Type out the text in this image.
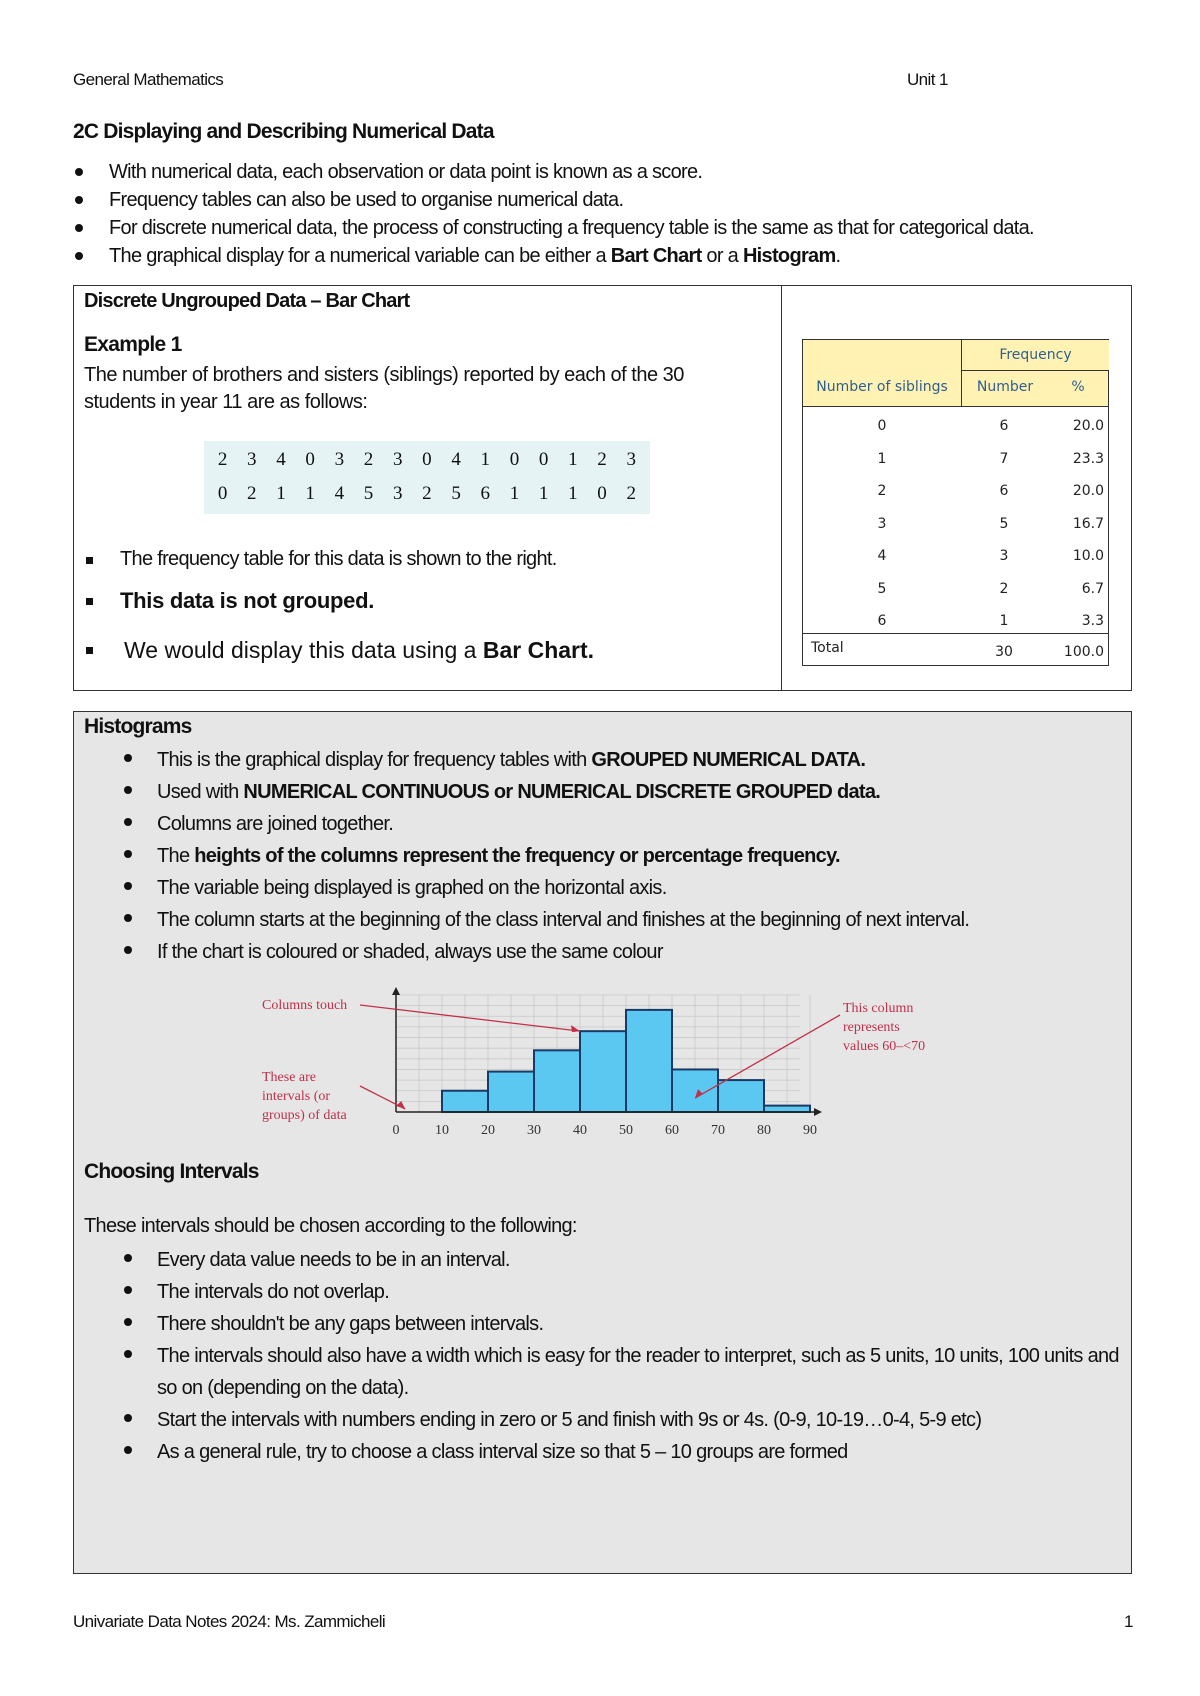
General Mathematics	Unit 1
2C Displaying and Describing Numerical Data
With numerical data, each observation or data point is known as a score.
Frequency tables can also be used to organise numerical data.
For discrete numerical data, the process of constructing a frequency table is the same as that for categorical data.
The graphical display for a numerical variable can be either a Bart Chart or a Histogram.
Discrete Ungrouped Data – Bar Chart
Example 1
The number of brothers and sisters (siblings) reported by each of the 30 students in year 11 are as follows:
2	3	4	0	3	2	3	0	4	1	0	0	1	2	3
0	2	1	1	4	5	3	2	5	6	1	1	1	0	2
The frequency table for this data is shown to the right.
This data is not grouped.
We would display this data using a Bar Chart.
Frequency
Number of siblings	Number	%
0	6	20.0
1	7	23.3
2	6	20.0
3	5	16.7
4	3	10.0
5	2	6.7
6	1	3.3
Total	30	100.0
Histograms
This is the graphical display for frequency tables with GROUPED NUMERICAL DATA.
Used with NUMERICAL CONTINUOUS or NUMERICAL DISCRETE GROUPED data.
Columns are joined together.
The heights of the columns represent the frequency or percentage frequency.
The variable being displayed is graphed on the horizontal axis.
The column starts at the beginning of the class interval and finishes at the beginning of next interval.
If the chart is coloured or shaded, always use the same colour
0	10 20 30 40 50 60 70 80 90
Columns touch
These are
intervals (or
groups) of data
This column
represents
values 60–<70
Choosing Intervals
These intervals should be chosen according to the following:
Every data value needs to be in an interval.
The intervals do not overlap.
There shouldn't be any gaps between intervals.
The intervals should also have a width which is easy for the reader to interpret, such as 5 units, 10 units, 100 units and so on (depending on the data).
Start the intervals with numbers ending in zero or 5 and finish with 9s or 4s. (0-9, 10-19…0-4, 5-9 etc)
As a general rule, try to choose a class interval size so that 5 – 10 groups are formed
Univariate Data Notes 2024: Ms. Zammicheli	1
